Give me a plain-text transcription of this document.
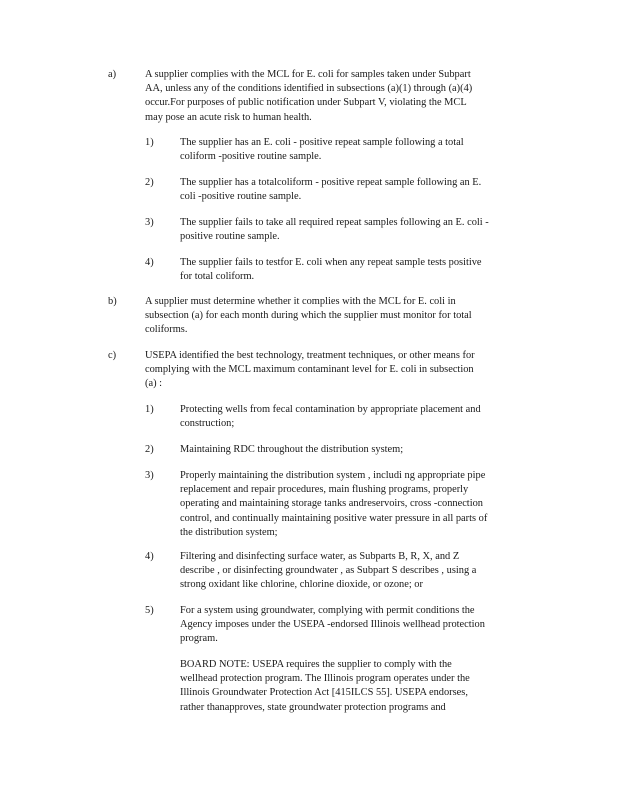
a)	A supplier complies with the MCL for E. coli for samples taken under Subpart
AA, unless any of the conditions identified in subsections (a)(1) through (a)(4)
occur.For purposes of public notification under Subpart V, violating the MCL
may pose an acute risk to human health.
1)	The supplier has an E. coli - positive repeat sample following a total
coliform -positive routine sample.
2)	The supplier has a totalcoliform - positive repeat sample following an E.
coli -positive routine sample.
3)	The supplier fails to take all required repeat samples following an E. coli -
positive routine sample.
4)	The supplier fails to testfor E. coli when any repeat sample tests positive
for total coliform.
b)	A supplier must determine whether it complies with the MCL for E. coli in
subsection (a) for each month during which the supplier must monitor for total
coliforms.
c)	USEPA identified the best technology, treatment techniques, or other means for
complying with the MCL maximum contaminant level for E. coli in subsection
(a) :
1)	Protecting wells from fecal contamination by appropriate placement and
construction;
2)	Maintaining RDC throughout the distribution system;
3)	Properly maintaining the distribution system , includi ng appropriate pipe
replacement and repair procedures, main flushing programs, properly
operating and maintaining storage tanks andreservoirs, cross -connection
control, and continually maintaining positive water pressure in all parts of
the distribution system;
4)	Filtering and disinfecting surface water, as Subparts B, R, X, and Z
describe , or disinfecting groundwater , as Subpart S describes , using a
strong oxidant like chlorine, chlorine dioxide, or ozone; or
5)	For a system using groundwater, complying with permit conditions the
Agency imposes under the USEPA -endorsed Illinois wellhead protection
program.
BOARD NOTE: USEPA requires the supplier to comply with the
wellhead protection program. The Illinois program operates under the
Illinois Groundwater Protection Act [415ILCS 55]. USEPA endorses,
rather thanapproves, state groundwater protection programs and
